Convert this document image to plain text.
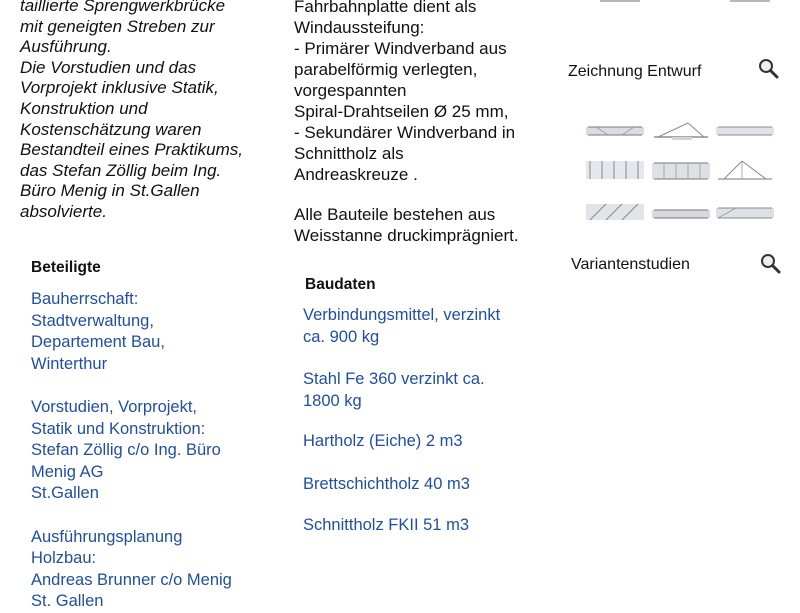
taillierte Sprengwerkbrücke
mit geneigten Streben zur
Ausführung.
Die Vorstudien und das
Vorprojekt inklusive Statik,
Konstruktion und
Kostenschätzung waren
Bestandteil eines Praktikums,
das Stefan Zöllig beim Ing.
Büro Menig in St.Gallen
absolvierte.
Fahrbahnplatte dient als
Windaussteifung:
- Primärer Windverband aus
parabelförmig verlegten,
vorgespannten
Spiral-Drahtseilen Ø 25 mm,
- Sekundärer Windverband in
Schnittholz als
Andreaskreuze .
Alle Bauteile bestehen aus
Weisstanne druckimprägniert.
Beteiligte
Bauherrschaft:
Stadtverwaltung,
Departement Bau,
Winterthur
Vorstudien, Vorprojekt,
Statik und Konstruktion:
Stefan Zöllig c/o Ing. Büro
Menig AG
St.Gallen
Ausführungsplanung
Holzbau:
Andreas Brunner c/o Menig
St. Gallen
Baudaten
Verbindungsmittel, verzinkt
ca. 900 kg
Stahl Fe 360 verzinkt ca.
1800 kg
Hartholz (Eiche) 2 m3
Brettschichtholz 40 m3
Schnittholz FKII 51 m3
Zeichnung Entwurf
Variantenstudien
